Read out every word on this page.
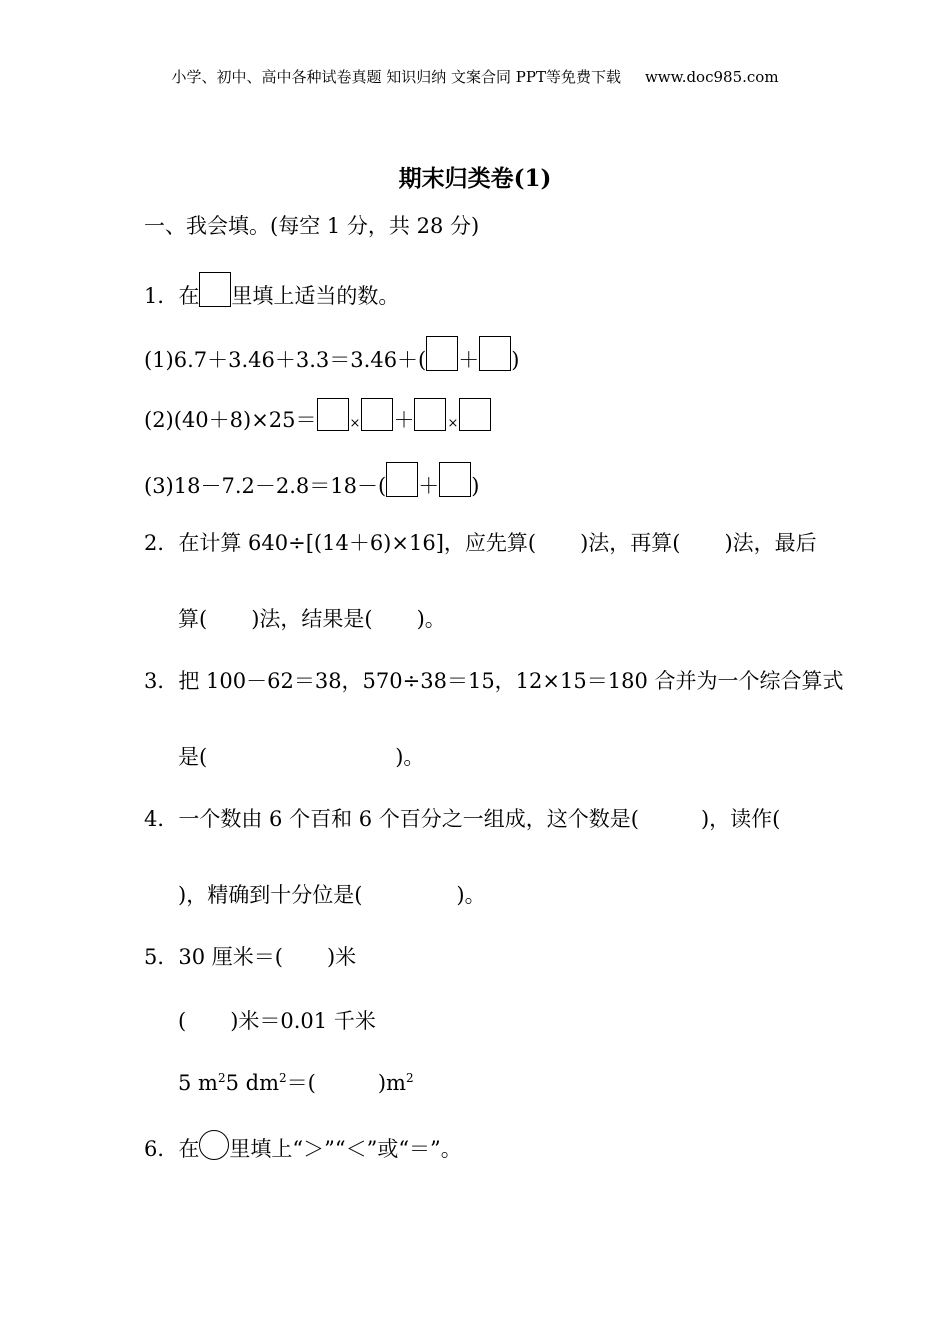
小学、初中、高中各种试卷真题 知识归纳 文案合同 PPT等免费下载 www.doc985.com
期末归类卷(1)
一、我会填。(每空 1 分，共 28 分)
1．在 里填上适当的数。
(1)6.7＋3.46＋3.3＝3.46＋( ＋ )
(2)(40＋8)×25＝	× ＋	×
(3)18－7.2－2.8＝18－( ＋ )
2．在计算 640÷[(14＋6)×16]，应先算( )法，再算( )法，最后
算( )法，结果是( )。
3．把 100－62＝38，570÷38＝15，12×15＝180 合并为一个综合算式
是(	)。
4．一个数由 6 个百和 6 个百分之一组成，这个数是(	)，读作(
)，精确到十分位是(	)。
5．30 厘米＝( )米
( )米＝0.01 千米
5 $m^25$ $dm^2=$(	)$m^2$
6．在 里填上“＞”“＜”或“＝”。
